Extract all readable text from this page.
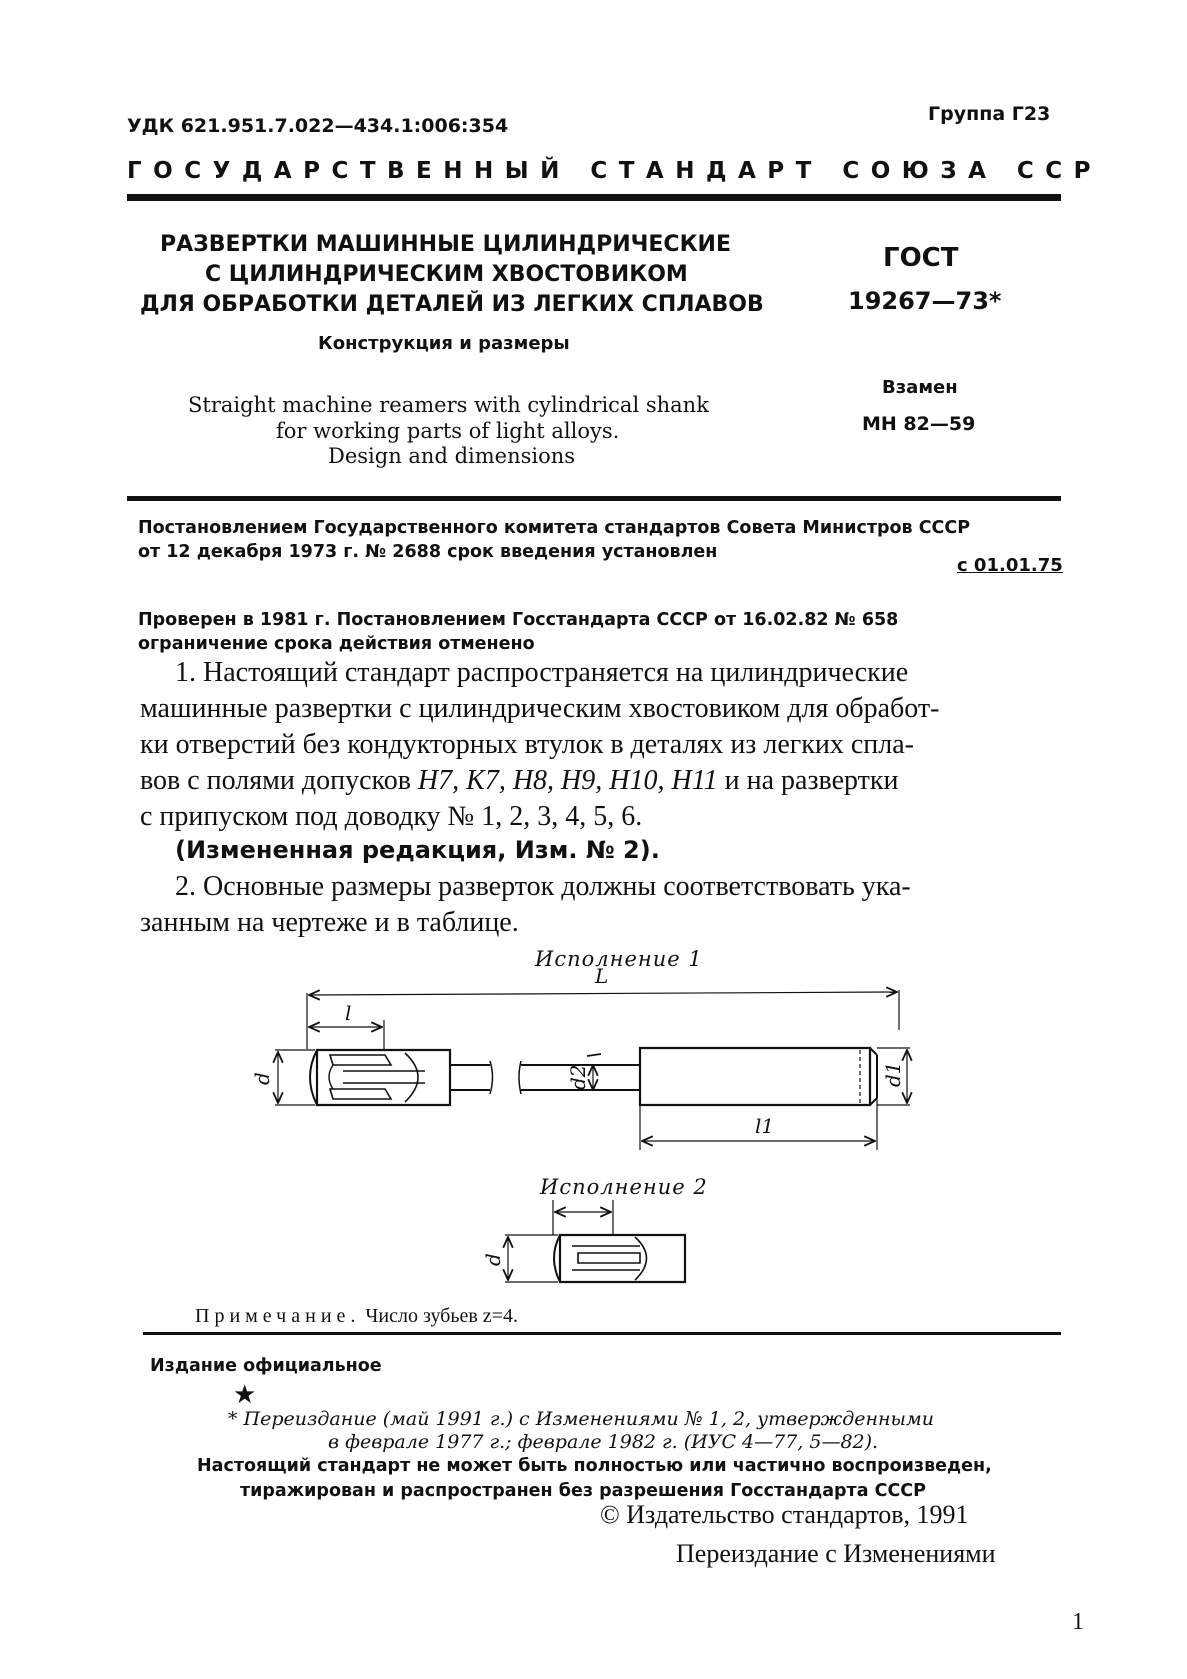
УДК 621.951.7.022—434.1:006:354
Группа Г23
ГОСУДАРСТВЕННЫЙ СТАНДАРТ СОЮЗА ССР
РАЗВЕРТКИ МАШИННЫЕ ЦИЛИНДРИЧЕСКИЕ
С ЦИЛИНДРИЧЕСКИМ ХВОСТОВИКОМ
ДЛЯ ОБРАБОТКИ ДЕТАЛЕЙ ИЗ ЛЕГКИХ СПЛАВОВ
Конструкция и размеры
Straight machine reamers with cylindrical shank
for working parts of light alloys.
Design and dimensions
ГОСТ
19267—73*
Взамен
МН 82—59
Постановлением Государственного комитета стандартов Совета Министров СССР
от 12 декабря 1973 г. № 2688 срок введения установлен
с 01.01.75
Проверен в 1981 г. Постановлением Госстандарта СССР от 16.02.82 № 658
ограничение срока действия отменено
1. Настоящий стандарт распространяется на цилиндрические
машинные развертки с цилиндрическим хвостовиком для обработ-
ки отверстий без кондукторных втулок в деталях из легких спла-
вов с полями допусков H7, K7, H8, H9, H10, H11 и на развертки
с припуском под доводку № 1, 2, 3, 4, 5, 6.
(Измененная редакция, Изм. № 2).
2. Основные размеры разверток должны соответствовать ука-
занным на чертеже и в таблице.
Исполнение 1
Исполнение 2
L
l
l1
d	d2	d1
d
Примечание. Число зубьев z=4.
Издание официальное
★
* Переиздание (май 1991 г.) с Изменениями № 1, 2, утвержденными
в феврале 1977 г.; феврале 1982 г. (ИУС 4—77, 5—82).
Настоящий стандарт не может быть полностью или частично воспроизведен,
тиражирован и распространен без разрешения Госстандарта СССР
© Издательство стандартов, 1991
Переиздание с Изменениями
1
